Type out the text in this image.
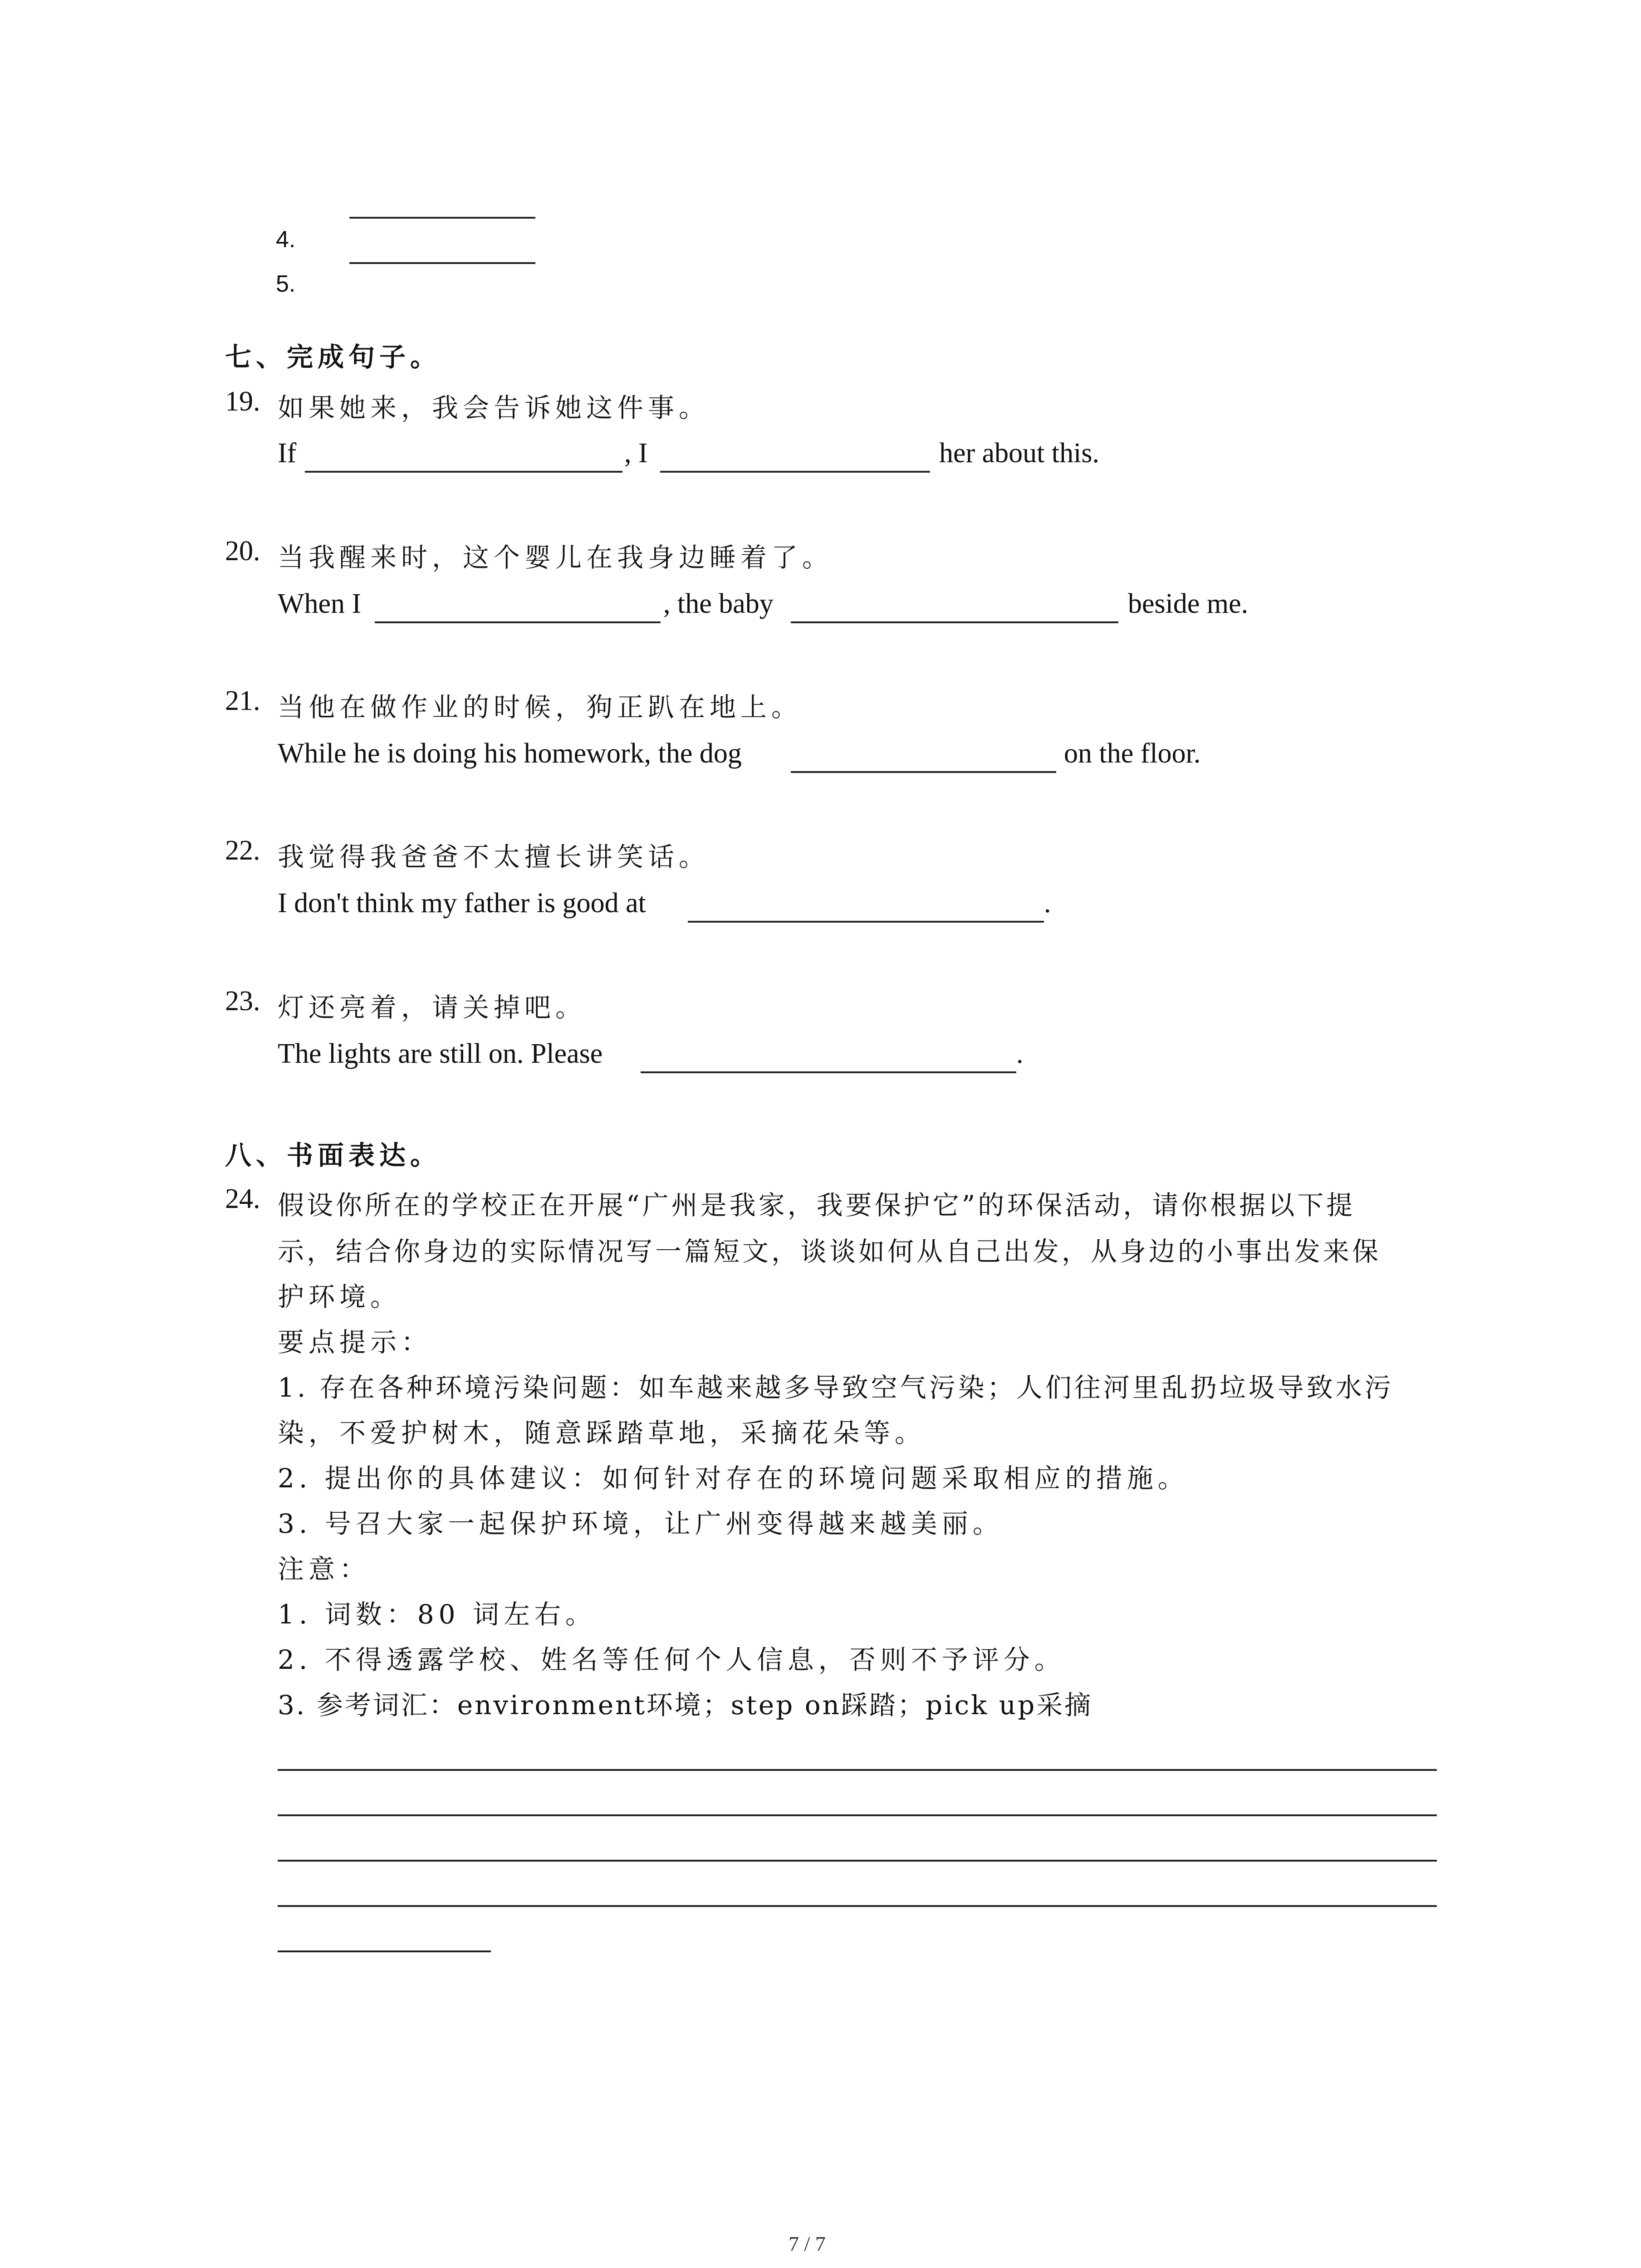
4.
5.
七、完成句子。
19. 如果她来，我会告诉她这件事。
If	, I	her about this.
20. 当我醒来时，这个婴儿在我身边睡着了。
When I	, the baby	beside me.
21. 当他在做作业的时候，狗正趴在地上。
While he is doing his homework, the dog	on the floor.
22. 我觉得我爸爸不太擅长讲笑话。
I don't think my father is good at	.
23. 灯还亮着，请关掉吧。
The lights are still on. Please	.
八、书面表达。
24. 假设你所在的学校正在开展“广州是我家，我要保护它”的环保活动，请你根据以下提
示，结合你身边的实际情况写一篇短文，谈谈如何从自己出发，从身边的小事出发来保
护环境。
要点提示：
1. 存在各种环境污染问题：如车越来越多导致空气污染；人们往河里乱扔垃圾导致水污
染，不爱护树木，随意踩踏草地，采摘花朵等。
2. 提出你的具体建议：如何针对存在的环境问题采取相应的措施。
3. 号召大家一起保护环境，让广州变得越来越美丽。
注意：
1. 词数：80 词左右。
2. 不得透露学校、姓名等任何个人信息，否则不予评分。
3. 参考词汇：environment环境；step on踩踏；pick up采摘
7 / 7
